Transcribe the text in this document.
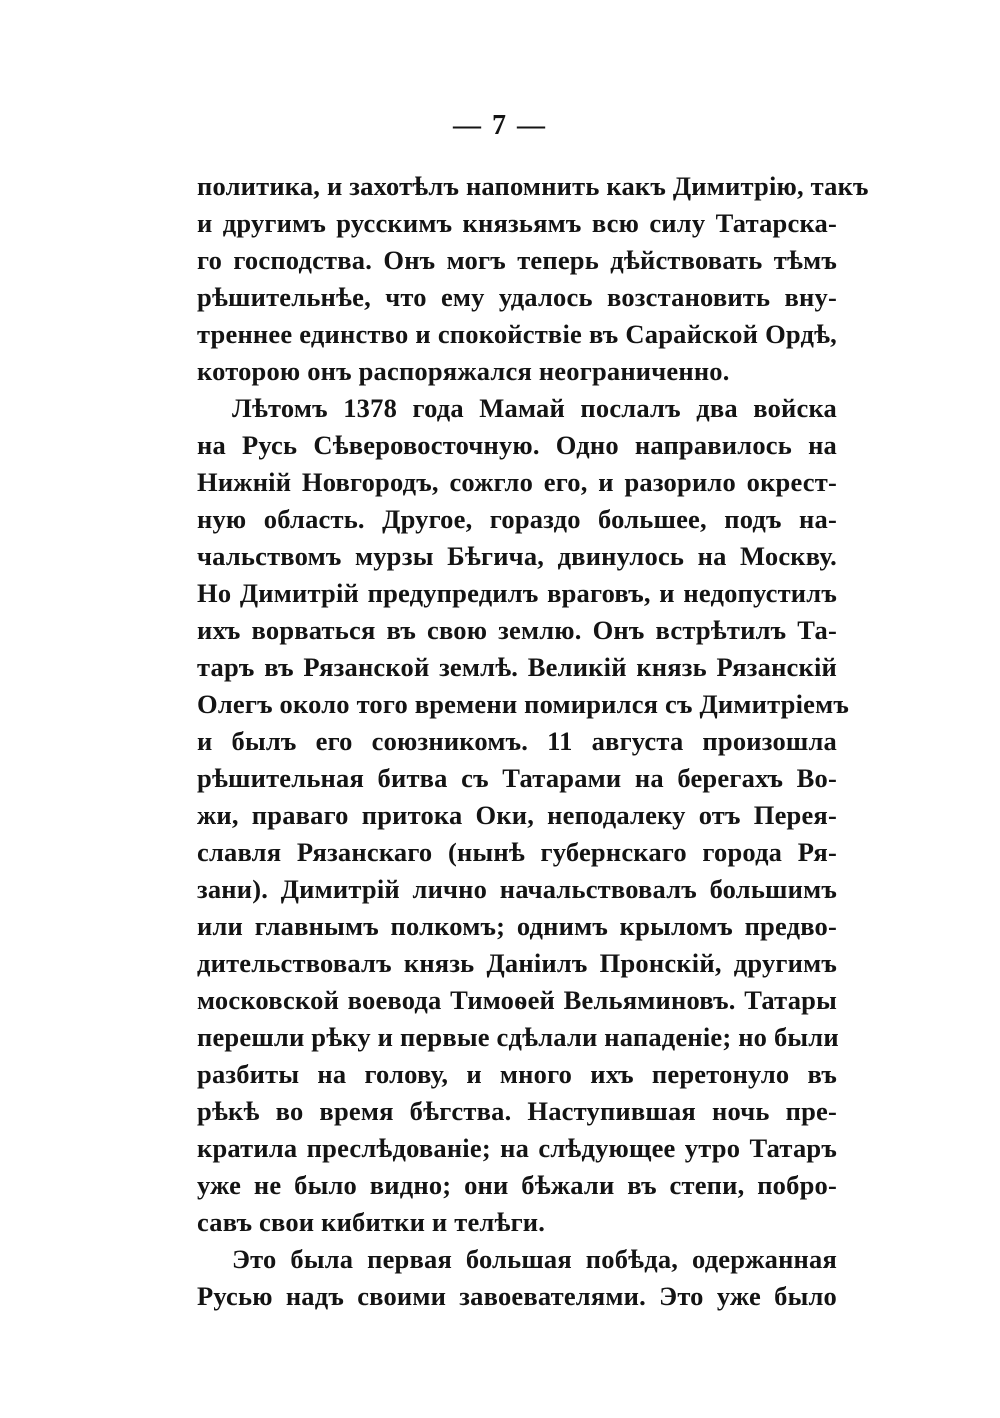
— 7 —
политика, и захотѣлъ напомнить какъ Димитрію, такъ
и другимъ русскимъ князьямъ всю силу Татарска-
го господства. Онъ могъ теперь дѣйствовать тѣмъ
рѣшительнѣе, что ему удалось возстановить вну-
треннее единство и спокойствіе въ Сарайской Ордѣ,
которою онъ распоряжался неограниченно.
Лѣтомъ 1378 года Мамай послалъ два войска
на Русь Сѣверовосточную. Одно направилось на
Нижній Новгородъ, сожгло его, и разорило окрест-
ную область. Другое, гораздо большее, подъ на-
чальствомъ мурзы Бѣгича, двинулось на Москву.
Но Димитрій предупредилъ враговъ, и недопустилъ
ихъ ворваться въ свою землю. Онъ встрѣтилъ Та-
таръ въ Рязанской землѣ. Великій князь Рязанскій
Олегъ около того времени помирился съ Димитріемъ
и былъ его союзникомъ. 11 августа произошла
рѣшительная битва съ Татарами на берегахъ Во-
жи, праваго притока Оки, неподалеку отъ Перея-
славля Рязанскаго (нынѣ губернскаго города Ря-
зани). Димитрій лично начальствовалъ большимъ
или главнымъ полкомъ; однимъ крыломъ предво-
дительствовалъ князь Даніилъ Пронскій, другимъ
московской воевода Тимоѳей Вельяминовъ. Татары
перешли рѣку и первые сдѣлали нападеніе; но были
разбиты на голову, и много ихъ перетонуло въ
рѣкѣ во время бѣгства. Наступившая ночь пре-
кратила преслѣдованіе; на слѣдующее утро Татаръ
уже не было видно; они бѣжали въ степи, побро-
савъ свои кибитки и телѣги.
Это была первая большая побѣда, одержанная
Русью надъ своими завоевателями. Это уже было
